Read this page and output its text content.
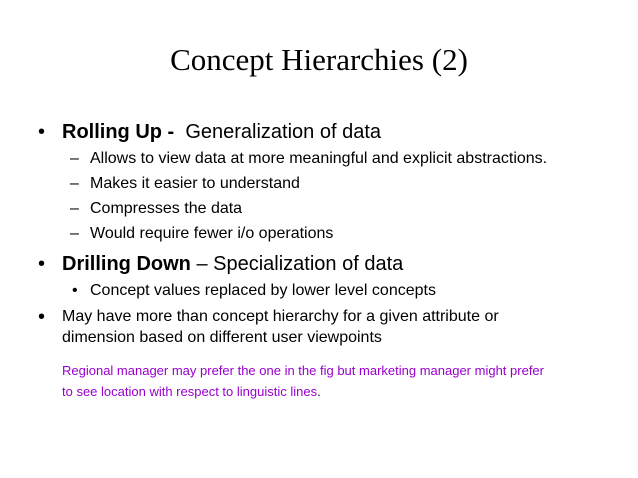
Concept Hierarchies (2)
• Rolling Up - Generalization of data
– Allows to view data at more meaningful and explicit abstractions.
– Makes it easier to understand
– Compresses the data
– Would require fewer i/o operations
• Drilling Down – Specialization of data
• Concept values replaced by lower level concepts
• May have more than concept hierarchy for a given attribute or
dimension based on different user viewpoints
Regional manager may prefer the one in the fig but marketing manager might prefer
to see location with respect to linguistic lines.
